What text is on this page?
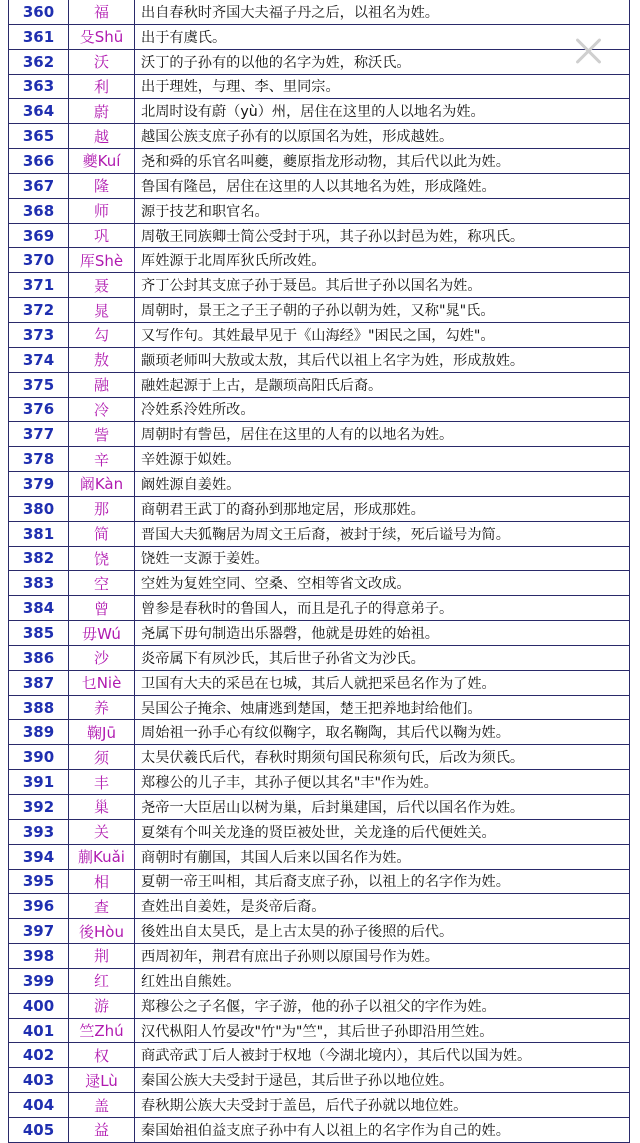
360	福	出自春秋时齐国大夫福子丹之后，以祖名为姓。
361	殳Shū	出于有虞氏。
362	沃	沃丁的子孙有的以他的名字为姓，称沃氏。
363	利	出于理姓，与理、李、里同宗。
364	蔚	北周时设有蔚（yù）州，居住在这里的人以地名为姓。
365	越	越国公族支庶子孙有的以原国名为姓，形成越姓。
366	夔Kuí	尧和舜的乐官名叫夔，夔原指龙形动物，其后代以此为姓。
367	隆	鲁国有隆邑，居住在这里的人以其地名为姓，形成隆姓。
368	师	源于技艺和职官名。
369	巩	周敬王同族卿士简公受封于巩，其子孙以封邑为姓，称巩氏。
370	厍Shè	厍姓源于北周厍狄氏所改姓。
371	聂	齐丁公封其支庶子孙于聂邑。其后世子孙以国名为姓。
372	晁	周朝时，景王之子王子朝的子孙以朝为姓，又称"晁"氏。
373	勾	又写作句。其姓最早见于《山海经》"困民之国，勾姓"。
374	敖	颛顼老师叫大敖或太敖，其后代以祖上名字为姓，形成敖姓。
375	融	融姓起源于上古，是颛顼高阳氏后裔。
376	冷	冷姓系泠姓所改。
377	訾	周朝时有訾邑，居住在这里的人有的以地名为姓。
378	辛	辛姓源于姒姓。
379	阚Kàn	阚姓源自姜姓。
380	那	商朝君王武丁的裔孙到那地定居，形成那姓。
381	简	晋国大夫狐鞠居为周文王后裔，被封于续，死后谥号为简。
382	饶	饶姓一支源于姜姓。
383	空	空姓为复姓空同、空桑、空相等省文改成。
384	曾	曾参是春秋时的鲁国人，而且是孔子的得意弟子。
385	毋Wú	尧属下毋句制造出乐器磬，他就是毋姓的始祖。
386	沙	炎帝属下有夙沙氏，其后世子孙省文为沙氏。
387	乜Niè	卫国有大夫的采邑在乜城，其后人就把采邑名作为了姓。
388	养	吴国公子掩余、烛庸逃到楚国，楚王把养地封给他们。
389	鞠Jū	周始祖一孙手心有纹似鞠字，取名鞠陶，其后代以鞠为姓。
390	须	太昊伏羲氏后代，春秋时期须句国民称须句氏，后改为须氏。
391	丰	郑穆公的儿子丰，其孙子便以其名"丰"作为姓。
392	巢	尧帝一大臣居山以树为巢，后封巢建国，后代以国名作为姓。
393	关	夏桀有个叫关龙逢的贤臣被处世，关龙逢的后代便姓关。
394	蒯Kuǎi	商朝时有蒯国，其国人后来以国名作为姓。
395	相	夏朝一帝王叫相，其后裔支庶子孙，以祖上的名字作为姓。
396	查	查姓出自姜姓，是炎帝后裔。
397	後Hòu	後姓出自太昊氏，是上古太昊的孙子後照的后代。
398	荆	西周初年，荆君有庶出子孙则以原国号作为姓。
399	红	红姓出自熊姓。
400	游	郑穆公之子名偃，字子游，他的孙子以祖父的字作为姓。
401	竺Zhú	汉代枞阳人竹晏改"竹"为"竺"，其后世子孙即沿用竺姓。
402	权	商武帝武丁后人被封于权地（今湖北境内），其后代以国为姓。
403	逯Lù	秦国公族大夫受封于逯邑，其后世子孙以地位姓。
404	盖	春秋期公族大夫受封于盖邑，后代子孙就以地位姓。
405	益	秦国始祖伯益支庶子孙中有人以祖上的名字作为自己的姓。
